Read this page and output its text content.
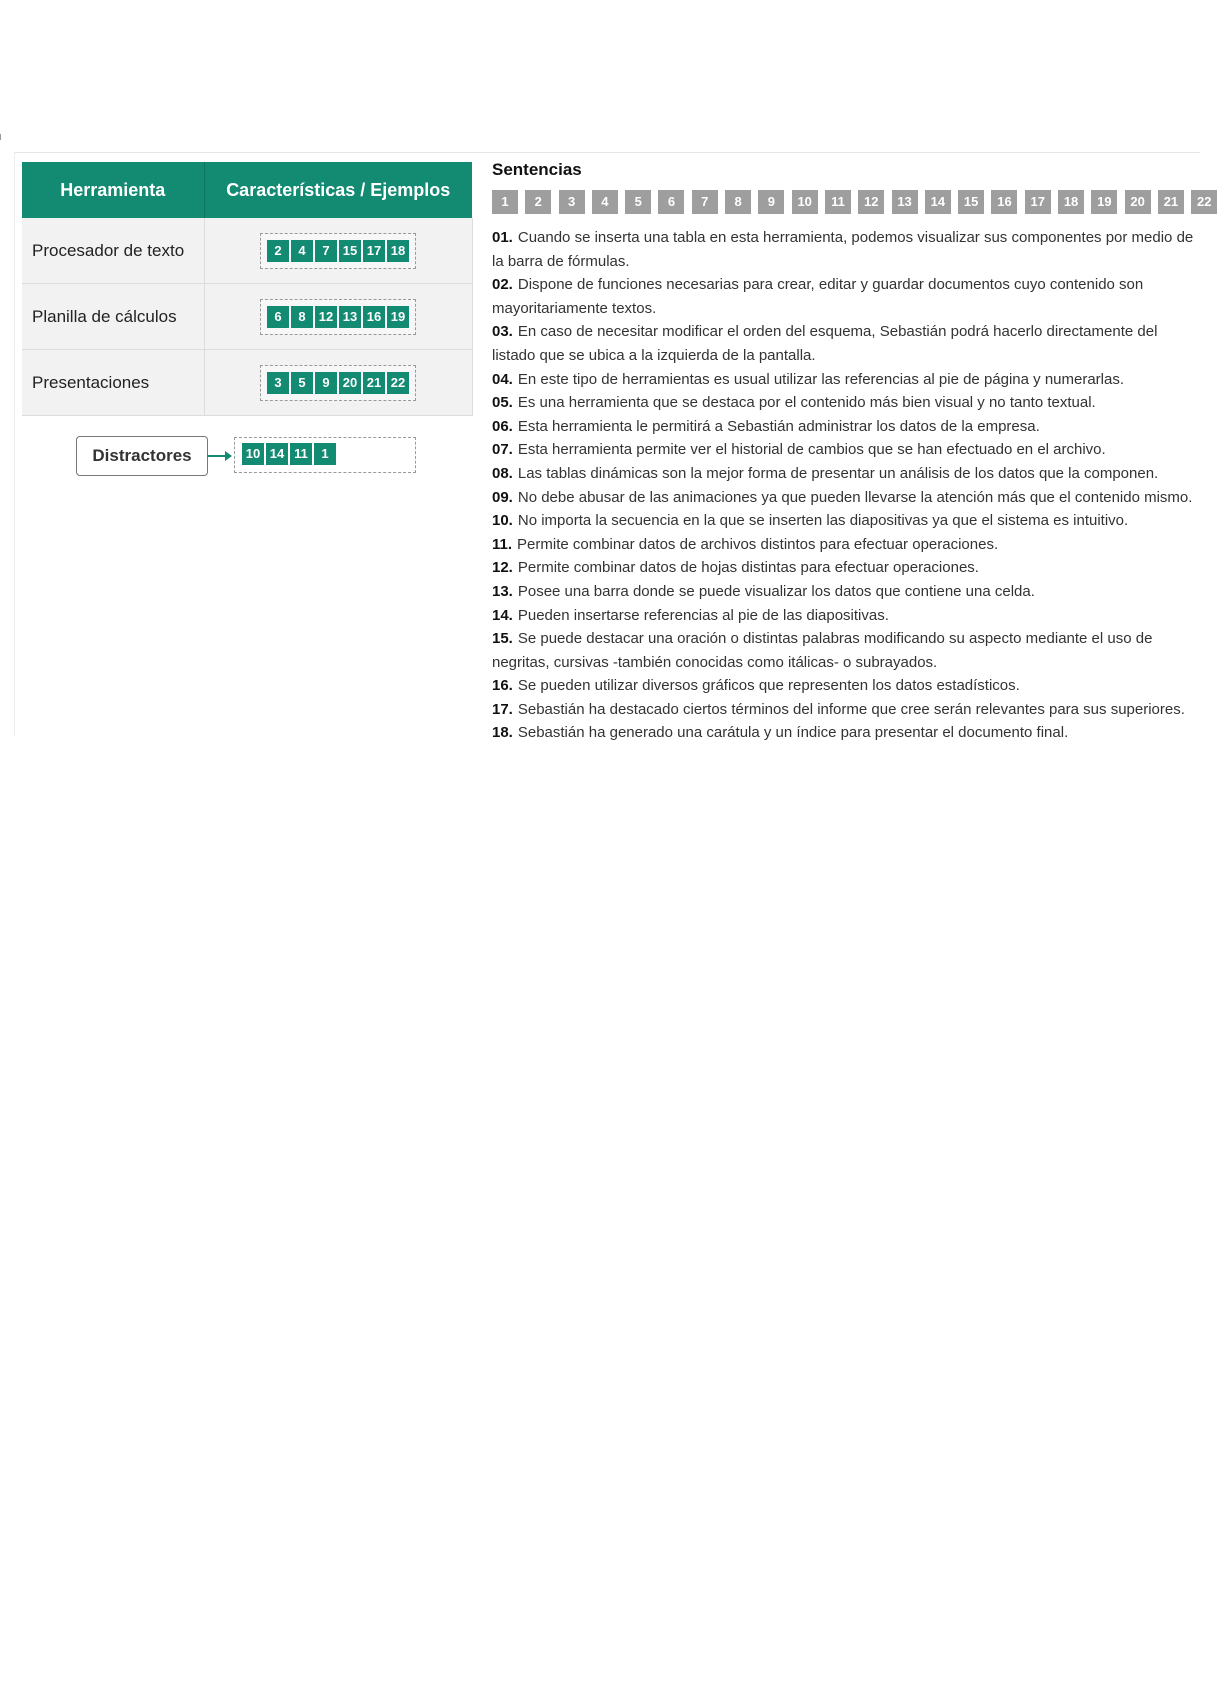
Herramienta	Características / Ejemplos
Procesador de texto	2 4 7 15 17 18
Planilla de cálculos	6 8 12 13 16 19
Presentaciones	3 5 9 20 21 22
Distractores	10 14 11 1
Sentencias
1 2 3 4 5 6 7 8 9 10 11 12 13 14 15 16 17 18 19 20 21 22
01. Cuando se inserta una tabla en esta herramienta, podemos visualizar sus componentes por medio de la barra de fórmulas.
02. Dispone de funciones necesarias para crear, editar y guardar documentos cuyo contenido son mayoritariamente textos.
03. En caso de necesitar modificar el orden del esquema, Sebastián podrá hacerlo directamente del listado que se ubica a la izquierda de la pantalla.
04. En este tipo de herramientas es usual utilizar las referencias al pie de página y numerarlas.
05. Es una herramienta que se destaca por el contenido más bien visual y no tanto textual.
06. Esta herramienta le permitirá a Sebastián administrar los datos de la empresa.
07. Esta herramienta permite ver el historial de cambios que se han efectuado en el archivo.
08. Las tablas dinámicas son la mejor forma de presentar un análisis de los datos que la componen.
09. No debe abusar de las animaciones ya que pueden llevarse la atención más que el contenido mismo.
10. No importa la secuencia en la que se inserten las diapositivas ya que el sistema es intuitivo.
11. Permite combinar datos de archivos distintos para efectuar operaciones.
12. Permite combinar datos de hojas distintas para efectuar operaciones.
13. Posee una barra donde se puede visualizar los datos que contiene una celda.
14. Pueden insertarse referencias al pie de las diapositivas.
15. Se puede destacar una oración o distintas palabras modificando su aspecto mediante el uso de negritas, cursivas -también conocidas como itálicas- o subrayados.
16. Se pueden utilizar diversos gráficos que representen los datos estadísticos.
17. Sebastián ha destacado ciertos términos del informe que cree serán relevantes para sus superiores.
18. Sebastián ha generado una carátula y un índice para presentar el documento final.
